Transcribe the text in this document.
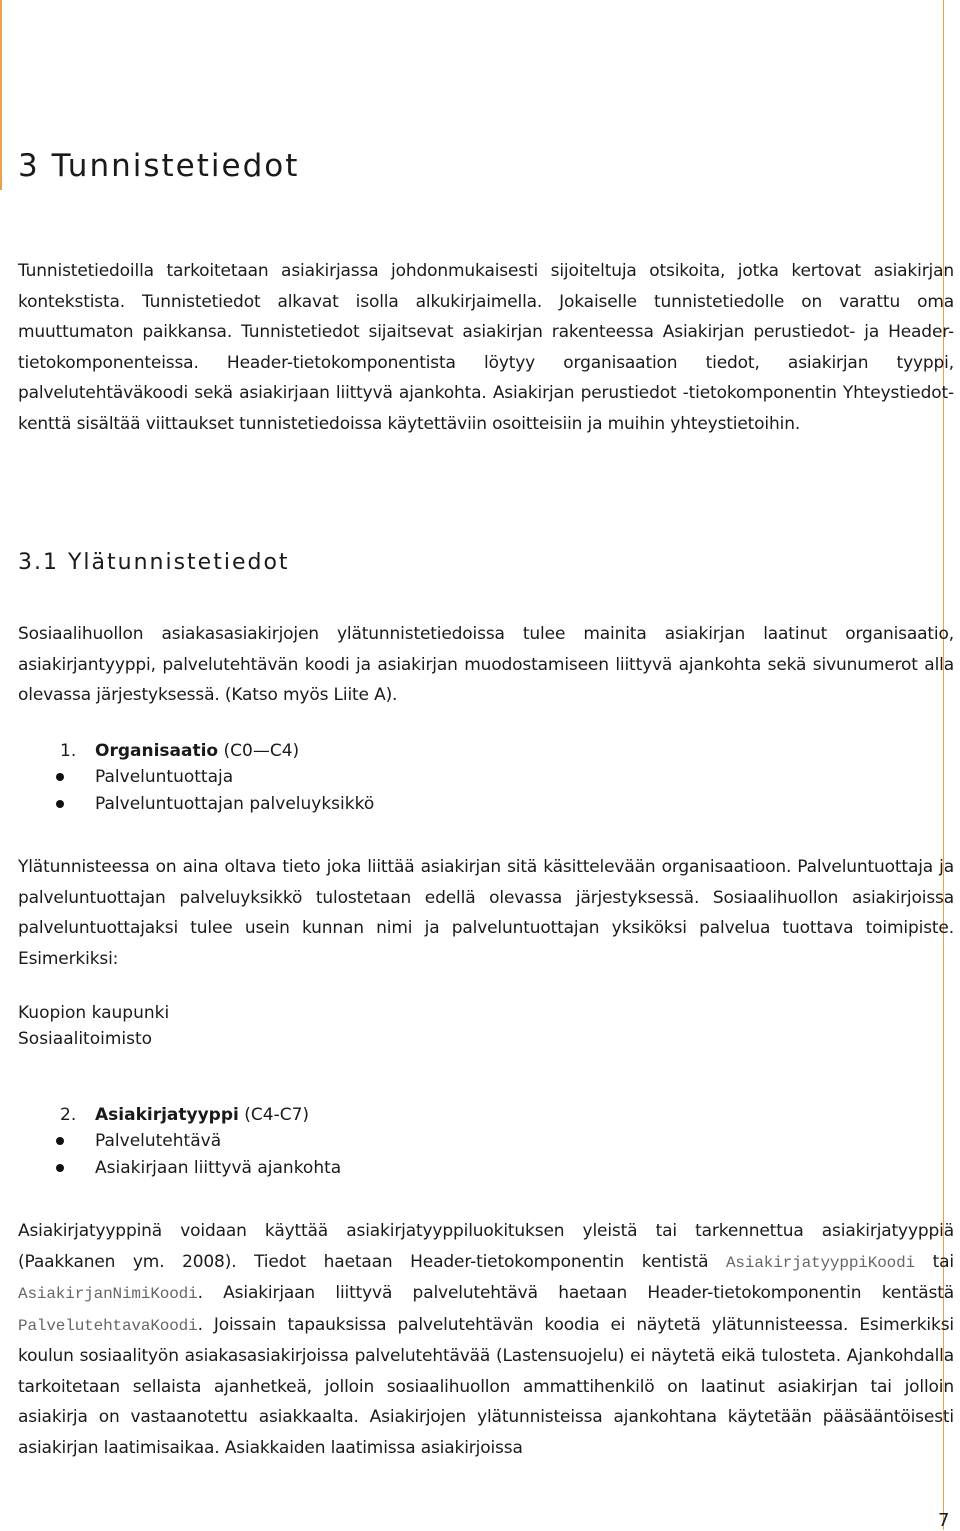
3 Tunnistetiedot

Tunnistetiedoilla tarkoitetaan asiakirjassa johdonmukaisesti sijoiteltuja otsikoita, jotka kertovat asiakirjan kontekstista. Tunnistetiedot alkavat isolla alkukirjaimella. Jokaiselle tunnistetiedolle on varattu oma muuttumaton paikkansa. Tunnistetiedot sijaitsevat asiakirjan rakenteessa Asiakirjan perustiedot- ja Header-tietokomponenteissa. Header-tietokomponentista löytyy organisaation tiedot, asiakirjan tyyppi, palvelutehtäväkoodi sekä asiakirjaan liittyvä ajankohta. Asiakirjan perustiedot -tietokomponentin Yhteystiedot-kenttä sisältää viittaukset tunnistetiedoissa käytettäviin osoitteisiin ja muihin yhteystietoihin.

3.1 Ylätunnistetiedot

Sosiaalihuollon asiakasasiakirjojen ylätunnistetiedoissa tulee mainita asiakirjan laatinut organisaatio, asiakirjantyyppi, palvelutehtävän koodi ja asiakirjan muodostamiseen liittyvä ajankohta sekä sivunumerot alla olevassa järjestyksessä. (Katso myös Liite A).

1. Organisaatio (C0—C4)
Palveluntuottaja
Palveluntuottajan palveluyksikkö

Ylätunnisteessa on aina oltava tieto joka liittää asiakirjan sitä käsittelevään organisaatioon. Palveluntuottaja ja palveluntuottajan palveluyksikkö tulostetaan edellä olevassa järjestyksessä. Sosiaalihuollon asiakirjoissa palveluntuottajaksi tulee usein kunnan nimi ja palveluntuottajan yksiköksi palvelua tuottava toimipiste. Esimerkiksi:

Kuopion kaupunki
Sosiaalitoimisto
2. Asiakirjatyyppi (C4-C7)
Palvelutehtävä
Asiakirjaan liittyvä ajankohta

Asiakirjatyyppinä voidaan käyttää asiakirjatyyppiluokituksen yleistä tai tarkennettua asiakirjatyyppiä (Paakkanen ym. 2008). Tiedot haetaan Header-tietokomponentin kentistä AsiakirjatyyppiKoodi tai AsiakirjanNimiKoodi. Asiakirjaan liittyvä palvelutehtävä haetaan Header-tietokomponentin kentästä PalvelutehtavaKoodi. Joissain tapauksissa palvelutehtävän koodia ei näytetä ylätunnisteessa. Esimerkiksi koulun sosiaalityön asiakasasiakirjoissa palvelutehtävää (Lastensuojelu) ei näytetä eikä tulosteta. Ajankohdalla tarkoitetaan sellaista ajanhetkeä, jolloin sosiaalihuollon ammattihenkilö on laatinut asiakirjan tai jolloin asiakirja on vastaanotettu asiakkaalta. Asiakirjojen ylätunnisteissa ajankohtana käytetään pääsääntöisesti asiakirjan laatimisaikaa. Asiakkaiden laatimissa asiakirjoissa

7
